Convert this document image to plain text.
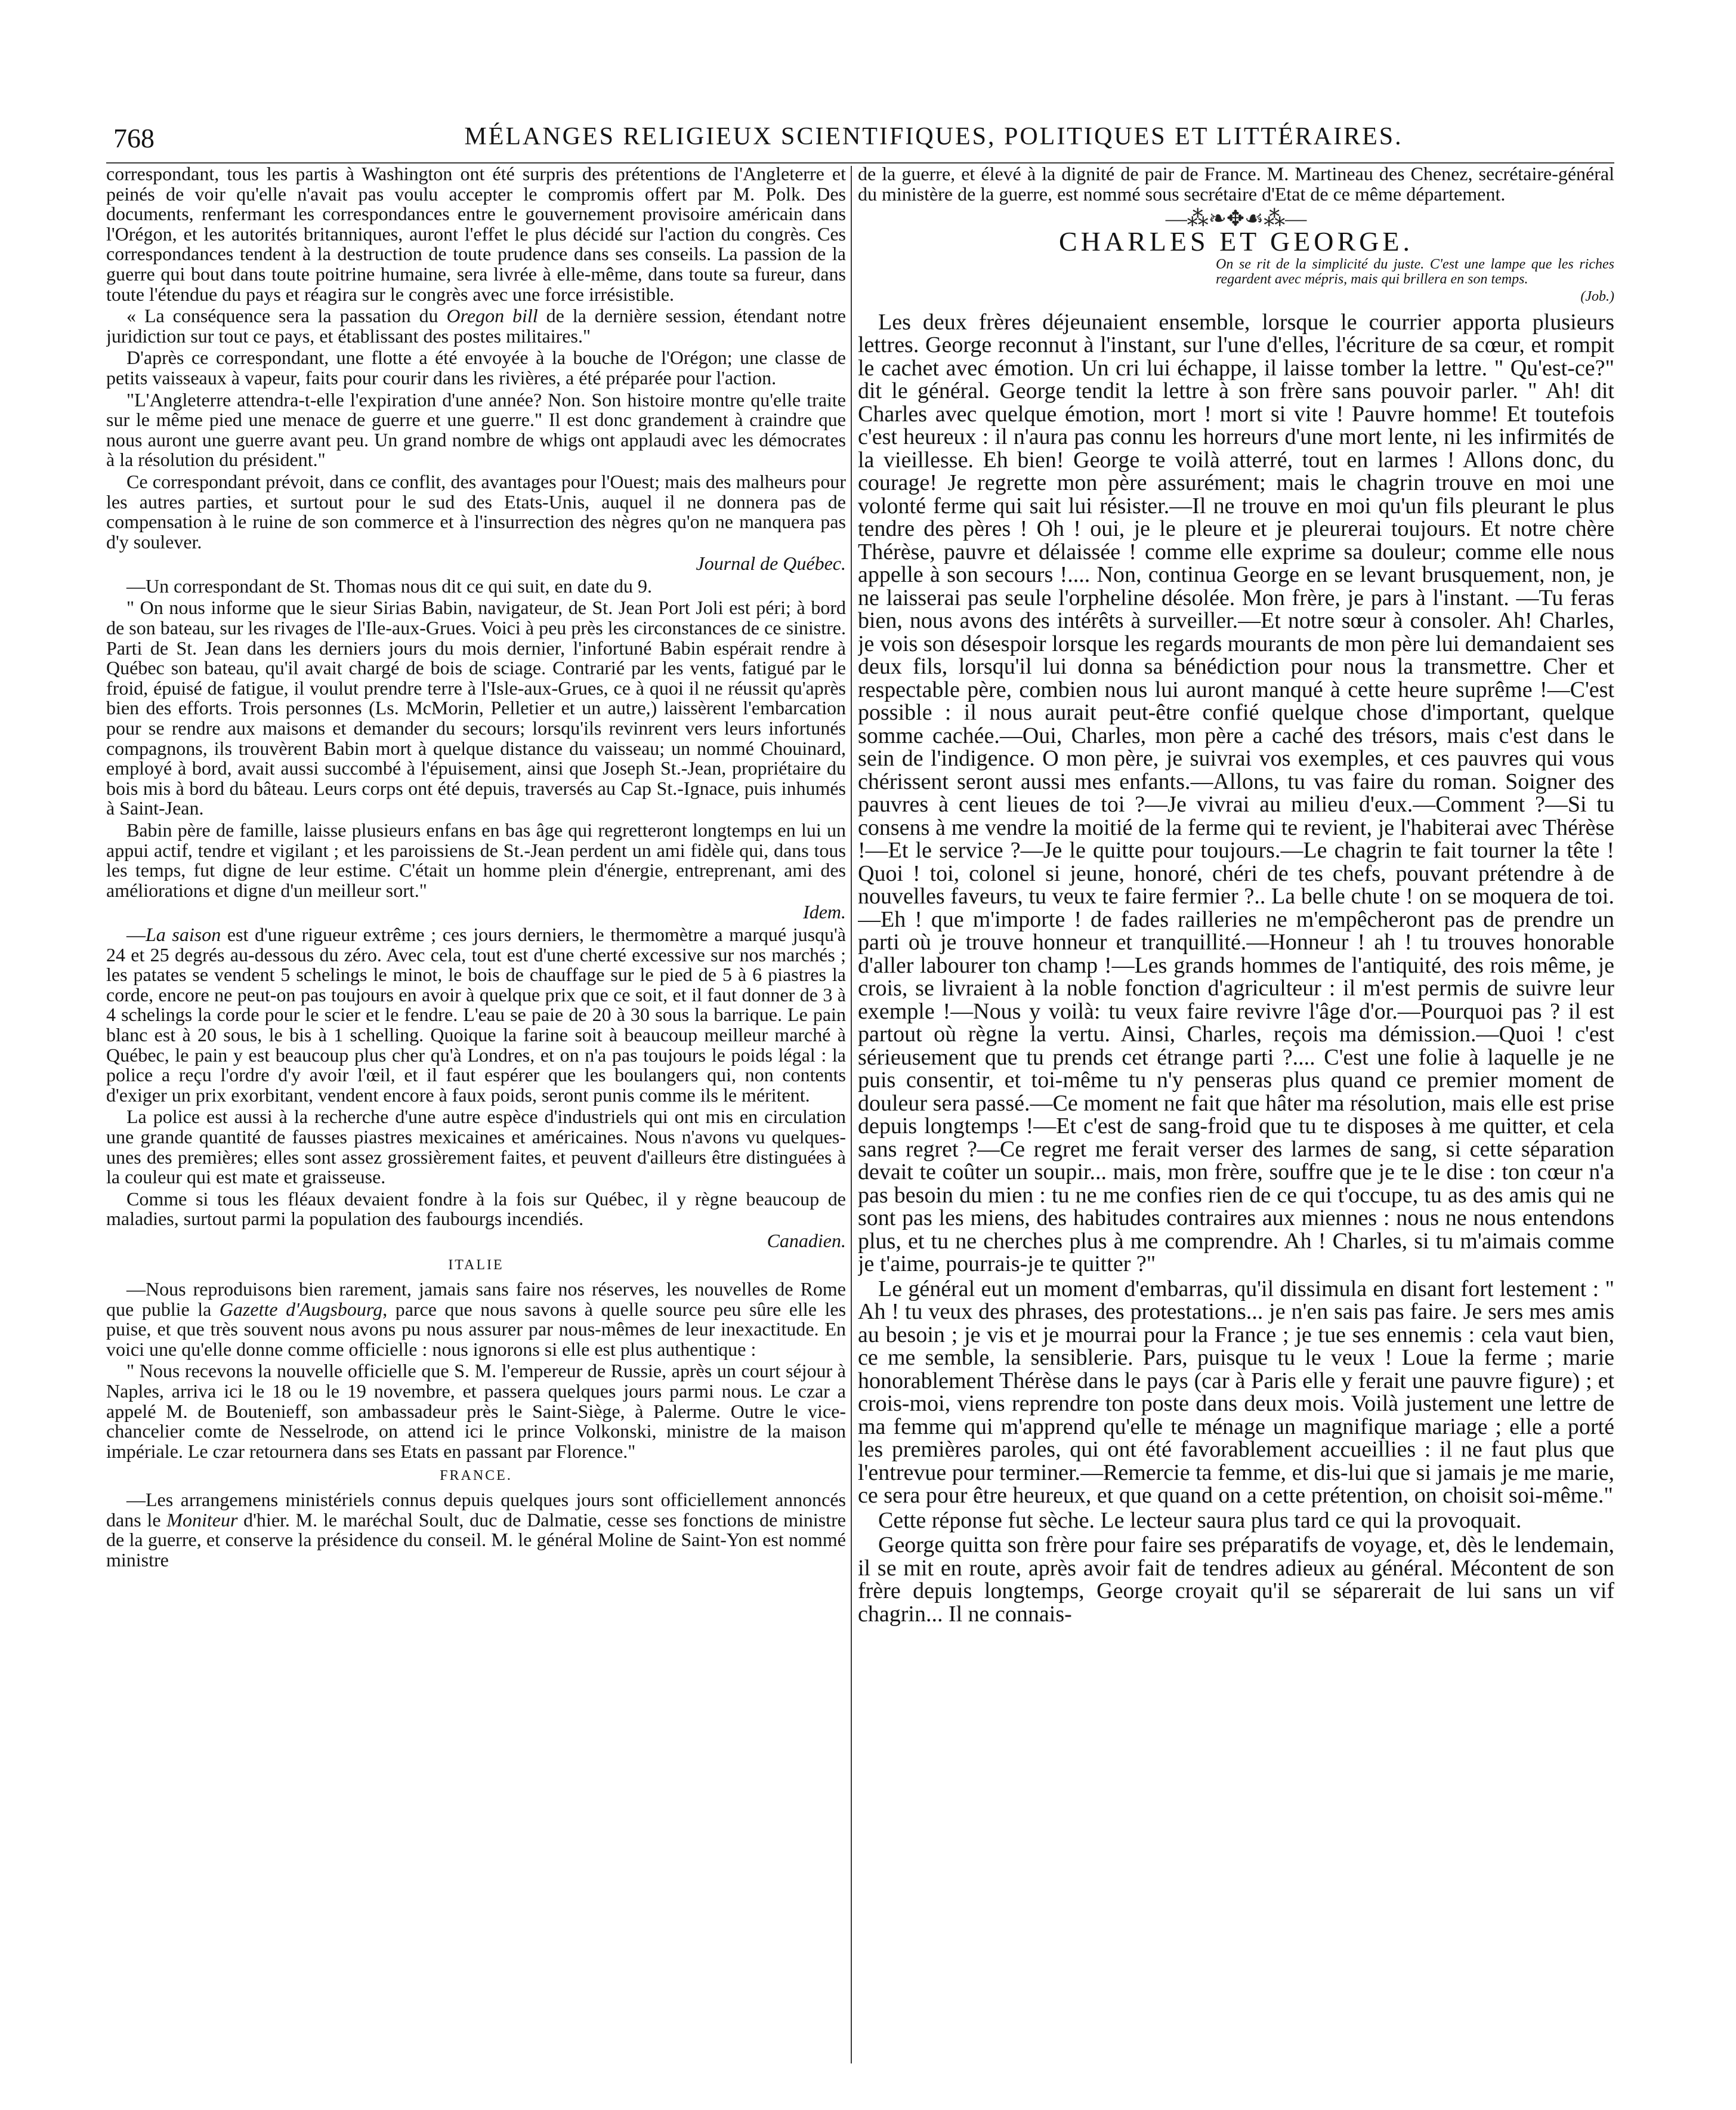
768	MÉLANGES RELIGIEUX SCIENTIFIQUES, POLITIQUES ET LITTÉRAIRES.

correspondant, tous les partis à Washington ont été surpris des prétentions de l'Angleterre et peinés de voir qu'elle n'avait pas voulu accepter le compromis offert par M. Polk. Des documents, renfermant les correspondances entre le gouvernement provisoire américain dans l'Orégon, et les autorités britanniques, auront l'effet le plus décidé sur l'action du congrès. Ces correspondances tendent à la destruction de toute prudence dans ses conseils. La passion de la guerre qui bout dans toute poitrine humaine, sera livrée à elle-même, dans toute sa fureur, dans toute l'étendue du pays et réagira sur le congrès avec une force irrésistible.

« La conséquence sera la passation du Oregon bill de la dernière session, étendant notre juridiction sur tout ce pays, et établissant des postes militaires."

D'après ce correspondant, une flotte a été envoyée à la bouche de l'Orégon; une classe de petits vaisseaux à vapeur, faits pour courir dans les rivières, a été préparée pour l'action.

"L'Angleterre attendra-t-elle l'expiration d'une année? Non. Son histoire montre qu'elle traite sur le même pied une menace de guerre et une guerre." Il est donc grandement à craindre que nous auront une guerre avant peu. Un grand nombre de whigs ont applaudi avec les démocrates à la résolution du président."

Ce correspondant prévoit, dans ce conflit, des avantages pour l'Ouest; mais des malheurs pour les autres parties, et surtout pour le sud des Etats-Unis, auquel il ne donnera pas de compensation à le ruine de son commerce et à l'insurrection des nègres qu'on ne manquera pas d'y soulever.

Journal de Québec.

—Un correspondant de St. Thomas nous dit ce qui suit, en date du 9.

" On nous informe que le sieur Sirias Babin, navigateur, de St. Jean Port Joli est péri; à bord de son bateau, sur les rivages de l'Ile-aux-Grues. Voici à peu près les circonstances de ce sinistre. Parti de St. Jean dans les derniers jours du mois dernier, l'infortuné Babin espérait rendre à Québec son bateau, qu'il avait chargé de bois de sciage. Contrarié par les vents, fatigué par le froid, épuisé de fatigue, il voulut prendre terre à l'Isle-aux-Grues, ce à quoi il ne réussit qu'après bien des efforts. Trois personnes (Ls. McMorin, Pelletier et un autre,) laissèrent l'embarcation pour se rendre aux maisons et demander du secours; lorsqu'ils revinrent vers leurs infortunés compagnons, ils trouvèrent Babin mort à quelque distance du vaisseau; un nommé Chouinard, employé à bord, avait aussi succombé à l'épuisement, ainsi que Joseph St.-Jean, propriétaire du bois mis à bord du bâteau. Leurs corps ont été depuis, traversés au Cap St.-Ignace, puis inhumés à Saint-Jean.

Babin père de famille, laisse plusieurs enfans en bas âge qui regretteront longtemps en lui un appui actif, tendre et vigilant ; et les paroissiens de St.-Jean perdent un ami fidèle qui, dans tous les temps, fut digne de leur estime. C'était un homme plein d'énergie, entreprenant, ami des améliorations et digne d'un meilleur sort."

Idem.

—La saison est d'une rigueur extrême ; ces jours derniers, le thermomètre a marqué jusqu'à 24 et 25 degrés au-dessous du zéro. Avec cela, tout est d'une cherté excessive sur nos marchés ; les patates se vendent 5 schelings le minot, le bois de chauffage sur le pied de 5 à 6 piastres la corde, encore ne peut-on pas toujours en avoir à quelque prix que ce soit, et il faut donner de 3 à 4 schelings la corde pour le scier et le fendre. L'eau se paie de 20 à 30 sous la barrique. Le pain blanc est à 20 sous, le bis à 1 schelling. Quoique la farine soit à beaucoup meilleur marché à Québec, le pain y est beaucoup plus cher qu'à Londres, et on n'a pas toujours le poids légal : la police a reçu l'ordre d'y avoir l'œil, et il faut espérer que les boulangers qui, non contents d'exiger un prix exorbitant, vendent encore à faux poids, seront punis comme ils le méritent.

La police est aussi à la recherche d'une autre espèce d'industriels qui ont mis en circulation une grande quantité de fausses piastres mexicaines et américaines. Nous n'avons vu quelques-unes des premières; elles sont assez grossièrement faites, et peuvent d'ailleurs être distinguées à la couleur qui est mate et graisseuse.

Comme si tous les fléaux devaient fondre à la fois sur Québec, il y règne beaucoup de maladies, surtout parmi la population des faubourgs incendiés.

Canadien.
ITALIE

—Nous reproduisons bien rarement, jamais sans faire nos réserves, les nouvelles de Rome que publie la Gazette d'Augsbourg, parce que nous savons à quelle source peu sûre elle les puise, et que très souvent nous avons pu nous assurer par nous-mêmes de leur inexactitude. En voici une qu'elle donne comme officielle : nous ignorons si elle est plus authentique :

" Nous recevons la nouvelle officielle que S. M. l'empereur de Russie, après un court séjour à Naples, arriva ici le 18 ou le 19 novembre, et passera quelques jours parmi nous. Le czar a appelé M. de Boutenieff, son ambassadeur près le Saint-Siège, à Palerme. Outre le vice-chancelier comte de Nesselrode, on attend ici le prince Volkonski, ministre de la maison impériale. Le czar retournera dans ses Etats en passant par Florence."

FRANCE.

—Les arrangemens ministériels connus depuis quelques jours sont officiellement annoncés dans le Moniteur d'hier. M. le maréchal Soult, duc de Dalmatie, cesse ses fonctions de ministre de la guerre, et conserve la présidence du conseil. M. le général Moline de Saint-Yon est nommé ministre

de la guerre, et élevé à la dignité de pair de France. M. Martineau des Chenez, secrétaire-général du ministère de la guerre, est nommé sous secrétaire d'Etat de ce même département.

—⁂❧✥☙⁂—
CHARLES ET GEORGE.
On se rit de la simplicité du juste. C'est une lampe que les riches regardent avec mépris, mais qui brillera en son temps.
(Job.)

Les deux frères déjeunaient ensemble, lorsque le courrier apporta plusieurs lettres. George reconnut à l'instant, sur l'une d'elles, l'écriture de sa cœur, et rompit le cachet avec émotion. Un cri lui échappe, il laisse tomber la lettre. " Qu'est-ce?" dit le général. George tendit la lettre à son frère sans pouvoir parler. " Ah! dit Charles avec quelque émotion, mort ! mort si vite ! Pauvre homme! Et toutefois c'est heureux : il n'aura pas connu les horreurs d'une mort lente, ni les infirmités de la vieillesse. Eh bien! George te voilà atterré, tout en larmes ! Allons donc, du courage! Je regrette mon père assurément; mais le chagrin trouve en moi une volonté ferme qui sait lui résister.—Il ne trouve en moi qu'un fils pleurant le plus tendre des pères ! Oh ! oui, je le pleure et je pleurerai toujours. Et notre chère Thérèse, pauvre et délaissée ! comme elle exprime sa douleur; comme elle nous appelle à son secours !.... Non, continua George en se levant brusquement, non, je ne laisserai pas seule l'orpheline désolée. Mon frère, je pars à l'instant. —Tu feras bien, nous avons des intérêts à surveiller.—Et notre sœur à consoler. Ah! Charles, je vois son désespoir lorsque les regards mourants de mon père lui demandaient ses deux fils, lorsqu'il lui donna sa bénédiction pour nous la transmettre. Cher et respectable père, combien nous lui auront manqué à cette heure suprême !—C'est possible : il nous aurait peut-être confié quelque chose d'important, quelque somme cachée.—Oui, Charles, mon père a caché des trésors, mais c'est dans le sein de l'indigence. O mon père, je suivrai vos exemples, et ces pauvres qui vous chérissent seront aussi mes enfants.—Allons, tu vas faire du roman. Soigner des pauvres à cent lieues de toi ?—Je vivrai au milieu d'eux.—Comment ?—Si tu consens à me vendre la moitié de la ferme qui te revient, je l'habiterai avec Thérèse !—Et le service ?—Je le quitte pour toujours.—Le chagrin te fait tourner la tête ! Quoi ! toi, colonel si jeune, honoré, chéri de tes chefs, pouvant prétendre à de nouvelles faveurs, tu veux te faire fermier ?.. La belle chute ! on se moquera de toi.—Eh ! que m'importe ! de fades railleries ne m'empêcheront pas de prendre un parti où je trouve honneur et tranquillité.—Honneur ! ah ! tu trouves honorable d'aller labourer ton champ !—Les grands hommes de l'antiquité, des rois même, je crois, se livraient à la noble fonction d'agriculteur : il m'est permis de suivre leur exemple !—Nous y voilà: tu veux faire revivre l'âge d'or.—Pourquoi pas ? il est partout où règne la vertu. Ainsi, Charles, reçois ma démission.—Quoi ! c'est sérieusement que tu prends cet étrange parti ?.... C'est une folie à laquelle je ne puis consentir, et toi-même tu n'y penseras plus quand ce premier moment de douleur sera passé.—Ce moment ne fait que hâter ma résolution, mais elle est prise depuis longtemps !—Et c'est de sang-froid que tu te disposes à me quitter, et cela sans regret ?—Ce regret me ferait verser des larmes de sang, si cette séparation devait te coûter un soupir... mais, mon frère, souffre que je te le dise : ton cœur n'a pas besoin du mien : tu ne me confies rien de ce qui t'occupe, tu as des amis qui ne sont pas les miens, des habitudes contraires aux miennes : nous ne nous entendons plus, et tu ne cherches plus à me comprendre. Ah ! Charles, si tu m'aimais comme je t'aime, pourrais-je te quitter ?"

Le général eut un moment d'embarras, qu'il dissimula en disant fort lestement : " Ah ! tu veux des phrases, des protestations... je n'en sais pas faire. Je sers mes amis au besoin ; je vis et je mourrai pour la France ; je tue ses ennemis : cela vaut bien, ce me semble, la sensiblerie. Pars, puisque tu le veux ! Loue la ferme ; marie honorablement Thérèse dans le pays (car à Paris elle y ferait une pauvre figure) ; et crois-moi, viens reprendre ton poste dans deux mois. Voilà justement une lettre de ma femme qui m'apprend qu'elle te ménage un magnifique mariage ; elle a porté les premières paroles, qui ont été favorablement accueillies : il ne faut plus que l'entrevue pour terminer.—Remercie ta femme, et dis-lui que si jamais je me marie, ce sera pour être heureux, et que quand on a cette prétention, on choisit soi-même."

Cette réponse fut sèche. Le lecteur saura plus tard ce qui la provoquait.

George quitta son frère pour faire ses préparatifs de voyage, et, dès le lendemain, il se mit en route, après avoir fait de tendres adieux au général. Mécontent de son frère depuis longtemps, George croyait qu'il se séparerait de lui sans un vif chagrin... Il ne connais-
